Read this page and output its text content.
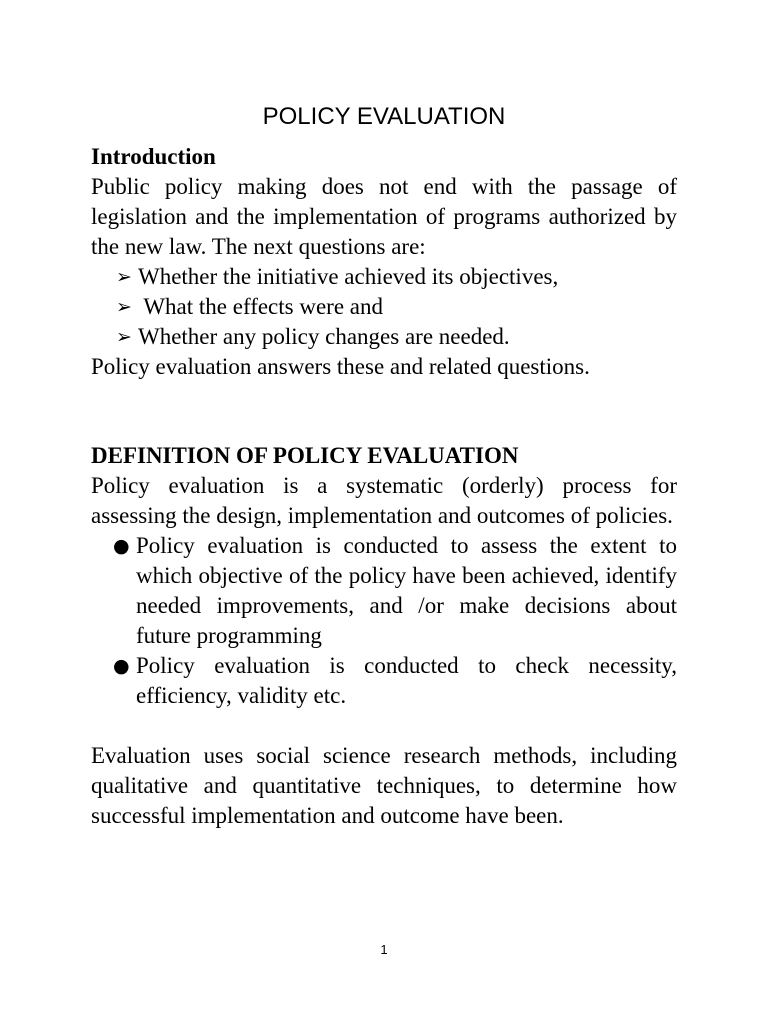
POLICY EVALUATION

Introduction

Public policy making does not end with the passage of legislation and the implementation of programs authorized by the new law. The next questions are:

➢ Whether the initiative achieved its objectives,
➢ What the effects were and
➢ Whether any policy changes are needed.

Policy evaluation answers these and related questions.

DEFINITION OF POLICY EVALUATION

Policy evaluation is a systematic (orderly) process for assessing the design, implementation and outcomes of policies.

● Policy evaluation is conducted to assess the extent to which objective of the policy have been achieved, identify needed improvements, and /or make decisions about future programming
● Policy evaluation is conducted to check necessity, efficiency, validity etc.

Evaluation uses social science research methods, including qualitative and quantitative techniques, to determine how successful implementation and outcome have been.

1
